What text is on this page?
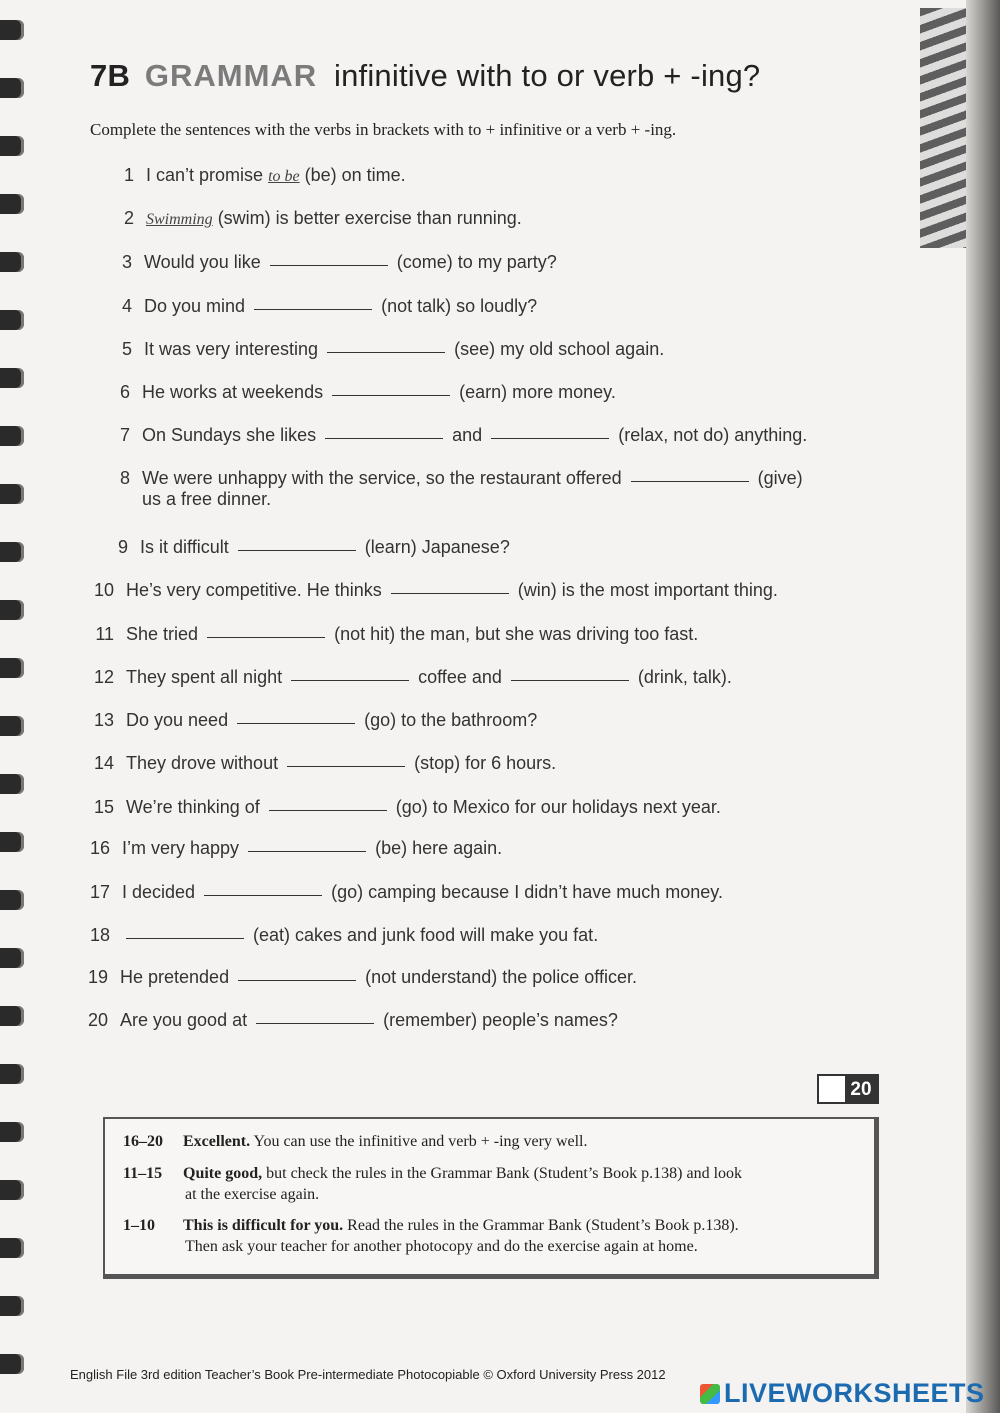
7B GRAMMAR infinitive with to or verb + -ing?
Complete the sentences with the verbs in brackets with to + infinitive or a verb + -ing.
1 I can’t promise to be (be) on time.
2 Swimming (swim) is better exercise than running.
3 Would you like	(come) to my party?
4 Do you mind	(not talk) so loudly?
5 It was very interesting	(see) my old school again.
6 He works at weekends	(earn) more money.
7 On Sundays she likes	and	(relax, not do) anything.
8 We were unhappy with the service, so the restaurant offered	(give)
us a free dinner.
9 Is it difficult	(learn) Japanese?
10 He’s very competitive. He thinks	(win) is the most important thing.
11 She tried	(not hit) the man, but she was driving too fast.
12 They spent all night	coffee and	(drink, talk).
13 Do you need	(go) to the bathroom?
14 They drove without	(stop) for 6 hours.
15 We’re thinking of	(go) to Mexico for our holidays next year.
16 I’m very happy	(be) here again.
17 I decided	(go) camping because I didn’t have much money.
18	(eat) cakes and junk food will make you fat.
19 He pretended	(not understand) the police officer.
20 Are you good at	(remember) people’s names?
20
16–20 Excellent. You can use the infinitive and verb + -ing very well.
11–15 Quite good, but check the rules in the Grammar Bank (Student’s Book p.138) and look
at the exercise again.
1–10 This is difficult for you. Read the rules in the Grammar Bank (Student’s Book p.138).
Then ask your teacher for another photocopy and do the exercise again at home.
English File 3rd edition Teacher’s Book Pre-intermediate Photocopiable © Oxford University Press 2012
LIVEWORKSHEETS
